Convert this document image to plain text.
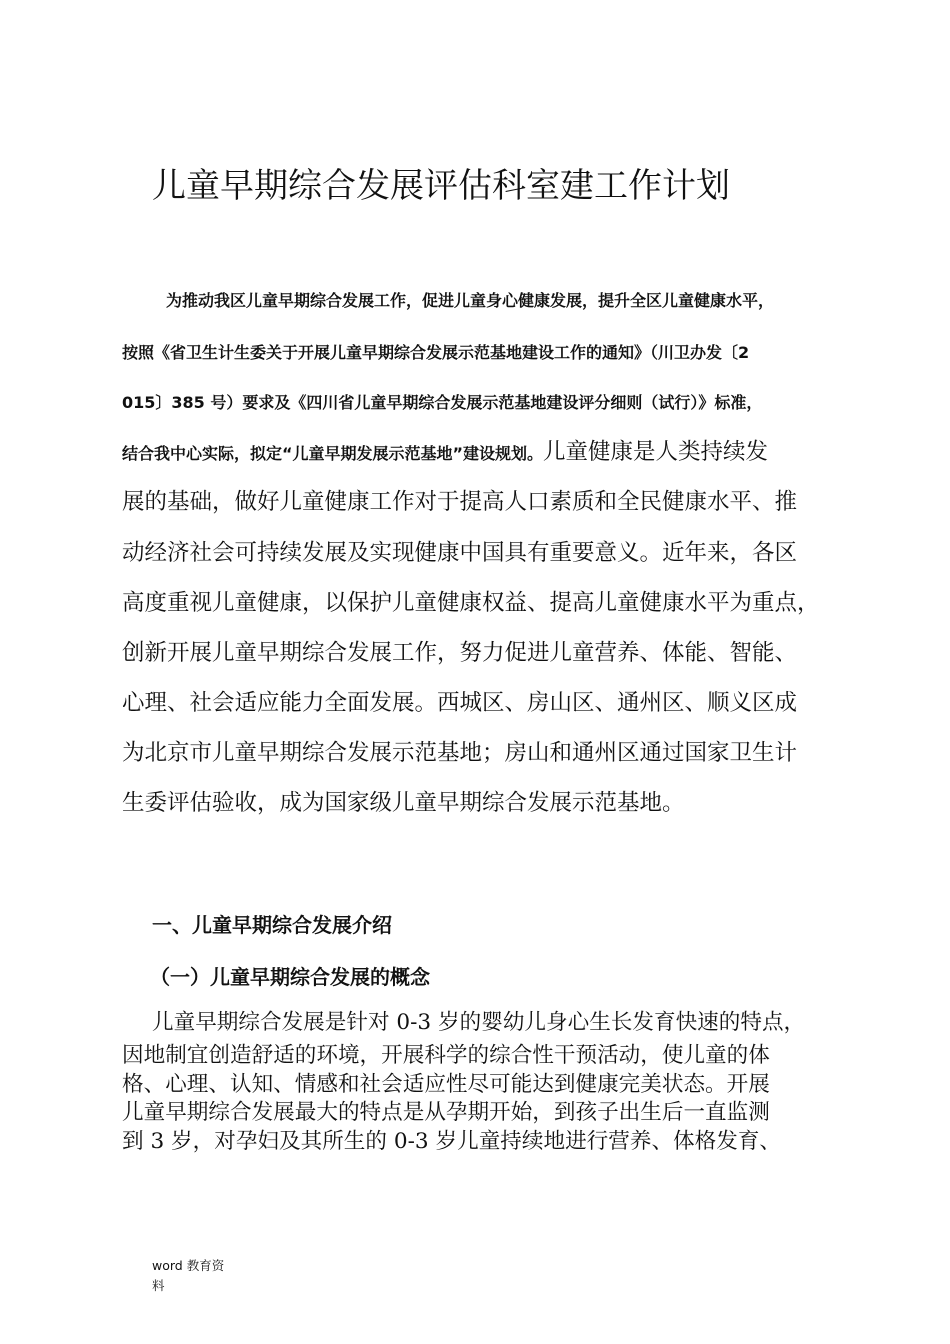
儿童早期综合发展评估科室建工作计划

为推动我区儿童早期综合发展工作，促进儿童身心健康发展，提升全区儿童健康水平，

按照《省卫生计生委关于开展儿童早期综合发展示范基地建设工作的通知》（川卫办发〔2

015〕385 号）要求及《四川省儿童早期综合发展示范基地建设评分细则（试行）》标准，

结合我中心实际，拟定“儿童早期发展示范基地”建设规划。儿童健康是人类持续发

展的基础，做好儿童健康工作对于提高人口素质和全民健康水平、推

动经济社会可持续发展及实现健康中国具有重要意义。近年来，各区

高度重视儿童健康，以保护儿童健康权益、提高儿童健康水平为重点，

创新开展儿童早期综合发展工作，努力促进儿童营养、体能、智能、

心理、社会适应能力全面发展。西城区、房山区、通州区、顺义区成

为北京市儿童早期综合发展示范基地；房山和通州区通过国家卫生计

生委评估验收，成为国家级儿童早期综合发展示范基地。

一、儿童早期综合发展介绍
（一）儿童早期综合发展的概念

儿童早期综合发展是针对 0-3 岁的婴幼儿身心生长发育快速的特点，

因地制宜创造舒适的环境，开展科学的综合性干预活动，使儿童的体

格、心理、认知、情感和社会适应性尽可能达到健康完美状态。开展

儿童早期综合发展最大的特点是从孕期开始，到孩子出生后一直监测

到 3 岁，对孕妇及其所生的 0-3 岁儿童持续地进行营养、体格发育、

word 教育资
料
